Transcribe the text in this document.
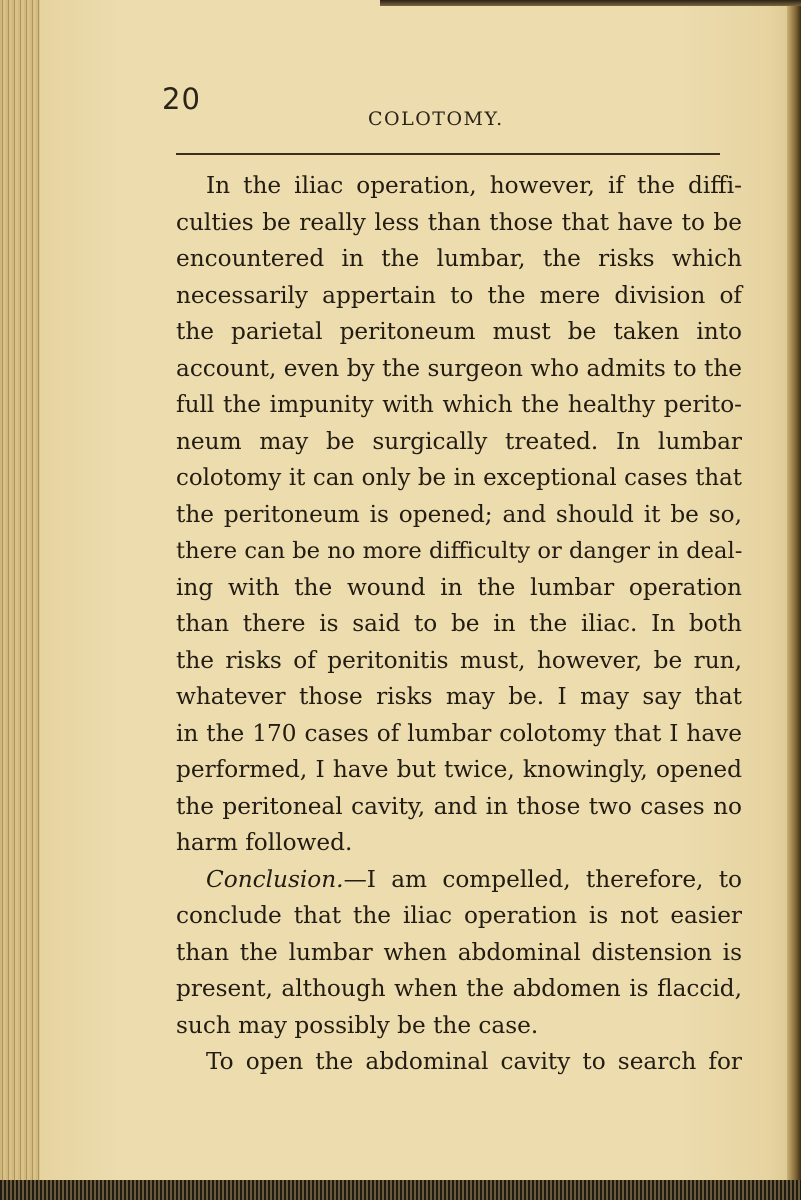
20
COLOTOMY.
In the iliac operation, however, if the diffi-
culties be really less than those that have to be
encountered in the lumbar, the risks which
necessarily appertain to the mere division of
the parietal peritoneum must be taken into
account, even by the surgeon who admits to the
full the impunity with which the healthy perito-
neum may be surgically treated. In lumbar
colotomy it can only be in exceptional cases that
the peritoneum is opened; and should it be so,
there can be no more difficulty or danger in deal-
ing with the wound in the lumbar operation
than there is said to be in the iliac. In both
the risks of peritonitis must, however, be run,
whatever those risks may be. I may say that
in the 170 cases of lumbar colotomy that I have
performed, I have but twice, knowingly, opened
the peritoneal cavity, and in those two cases no
harm followed.
Conclusion.—I am compelled, therefore, to
conclude that the iliac operation is not easier
than the lumbar when abdominal distension is
present, although when the abdomen is flaccid,
such may possibly be the case.
To open the abdominal cavity to search for
